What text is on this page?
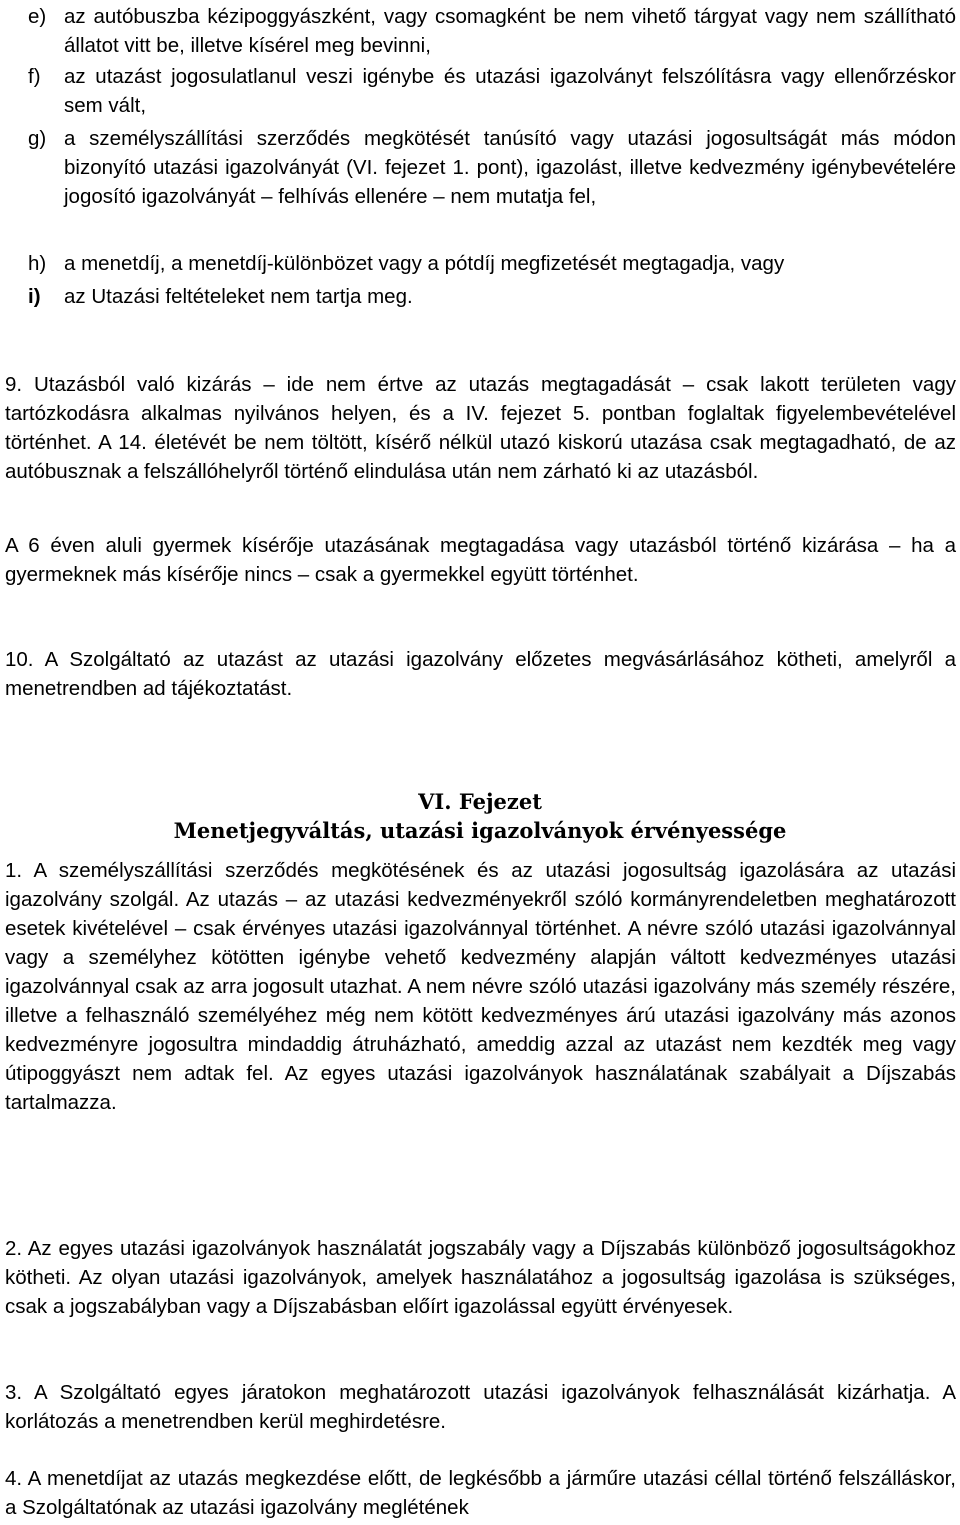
e) az autóbuszba kézipoggyászként, vagy csomagként be nem vihető tárgyat vagy nem szállítható állatot vitt be, illetve kísérel meg bevinni,
f) az utazást jogosulatlanul veszi igénybe és utazási igazolványt felszólításra vagy ellenőrzéskor sem vált,
g) a személyszállítási szerződés megkötését tanúsító vagy utazási jogosultságát más módon bizonyító utazási igazolványát (VI. fejezet 1. pont), igazolást, illetve kedvezmény igénybevételére jogosító igazolványát – felhívás ellenére – nem mutatja fel,
h) a menetdíj, a menetdíj-különbözet vagy a pótdíj megfizetését megtagadja, vagy
i) az Utazási feltételeket nem tartja meg.
9. Utazásból való kizárás – ide nem értve az utazás megtagadását – csak lakott területen vagy tartózkodásra alkalmas nyilvános helyen, és a IV. fejezet 5. pontban foglaltak figyelembevételével történhet. A 14. életévét be nem töltött, kísérő nélkül utazó kiskorú utazása csak megtagadható, de az autóbusznak a felszállóhelyről történő elindulása után nem zárható ki az utazásból.
A 6 éven aluli gyermek kísérője utazásának megtagadása vagy utazásból történő kizárása – ha a gyermeknek más kísérője nincs – csak a gyermekkel együtt történhet.
10. A Szolgáltató az utazást az utazási igazolvány előzetes megvásárlásához kötheti, amelyről a menetrendben ad tájékoztatást.
VI. Fejezet
Menetjegyváltás, utazási igazolványok érvényessége
1. A személyszállítási szerződés megkötésének és az utazási jogosultság igazolására az utazási igazolvány szolgál. Az utazás – az utazási kedvezményekről szóló kormányrendeletben meghatározott esetek kivételével – csak érvényes utazási igazolvánnyal történhet. A névre szóló utazási igazolvánnyal vagy a személyhez kötötten igénybe vehető kedvezmény alapján váltott kedvezményes utazási igazolvánnyal csak az arra jogosult utazhat. A nem névre szóló utazási igazolvány más személy részére, illetve a felhasználó személyéhez még nem kötött kedvezményes árú utazási igazolvány más azonos kedvezményre jogosultra mindaddig átruházható, ameddig azzal az utazást nem kezdték meg vagy útipoggyászt nem adtak fel. Az egyes utazási igazolványok használatának szabályait a Díjszabás tartalmazza.
2. Az egyes utazási igazolványok használatát jogszabály vagy a Díjszabás különböző jogosultságokhoz kötheti. Az olyan utazási igazolványok, amelyek használatához a jogosultság igazolása is szükséges, csak a jogszabályban vagy a Díjszabásban előírt igazolással együtt érvényesek.
3. A Szolgáltató egyes járatokon meghatározott utazási igazolványok felhasználását kizárhatja. A korlátozás a menetrendben kerül meghirdetésre.
4. A menetdíjat az utazás megkezdése előtt, de legkésőbb a járműre utazási céllal történő felszálláskor, a Szolgáltatónak az utazási igazolvány meglétének
